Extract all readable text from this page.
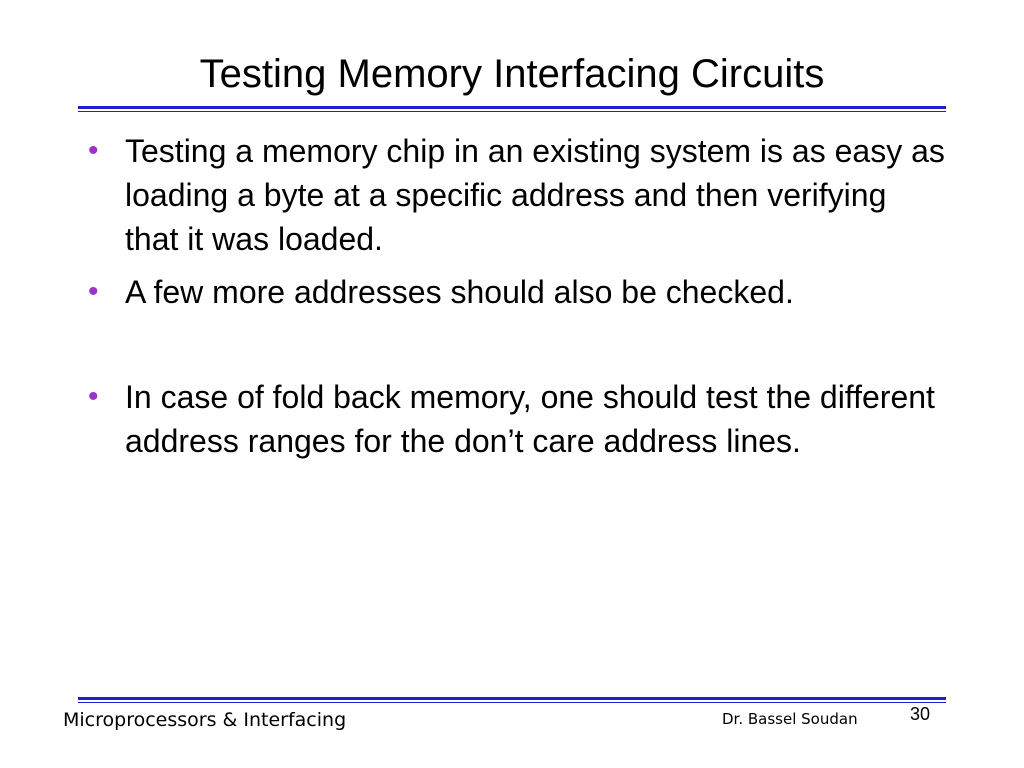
Testing Memory Interfacing Circuits
• Testing a memory chip in an existing system is as easy as loading a byte at a specific address and then verifying that it was loaded.
• A few more addresses should also be checked.
• In case of fold back memory, one should test the different address ranges for the don’t care address lines.
Microprocessors & Interfacing	Dr. Bassel Soudan	30
